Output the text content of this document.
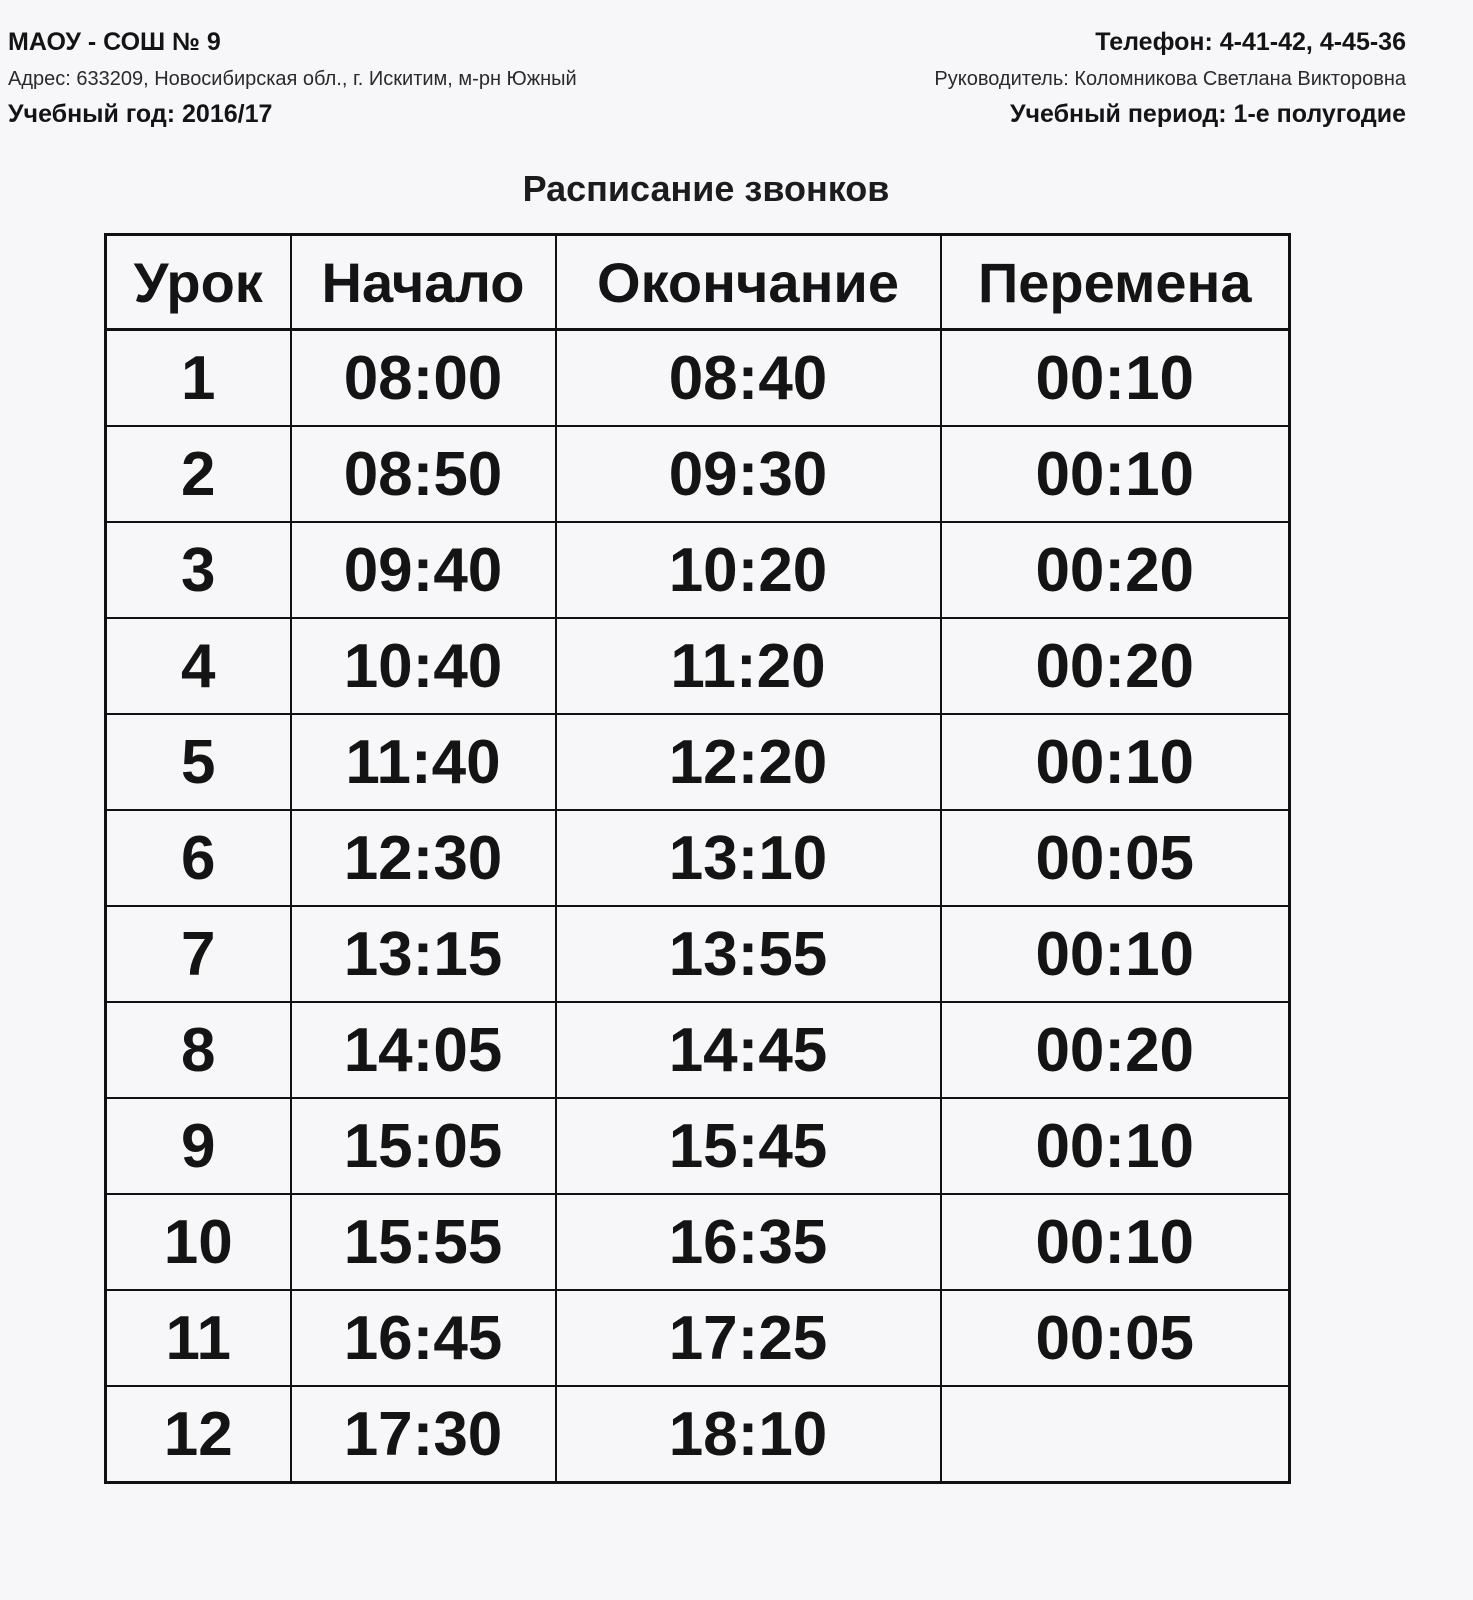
МАОУ - СОШ № 9
Адрес: 633209, Новосибирская обл., г. Искитим, м-рн Южный
Учебный год: 2016/17
Телефон: 4-41-42, 4-45-36
Руководитель: Коломникова Светлана Викторовна
Учебный период: 1-е полугодие
Расписание звонков
Урок	Начало	Окончание	Перемена
1	08:00	08:40	00:10
2	08:50	09:30	00:10
3	09:40	10:20	00:20
4	10:40	11:20	00:20
5	11:40	12:20	00:10
6	12:30	13:10	00:05
7	13:15	13:55	00:10
8	14:05	14:45	00:20
9	15:05	15:45	00:10
10	15:55	16:35	00:10
11	16:45	17:25	00:05
12	17:30	18:10	
